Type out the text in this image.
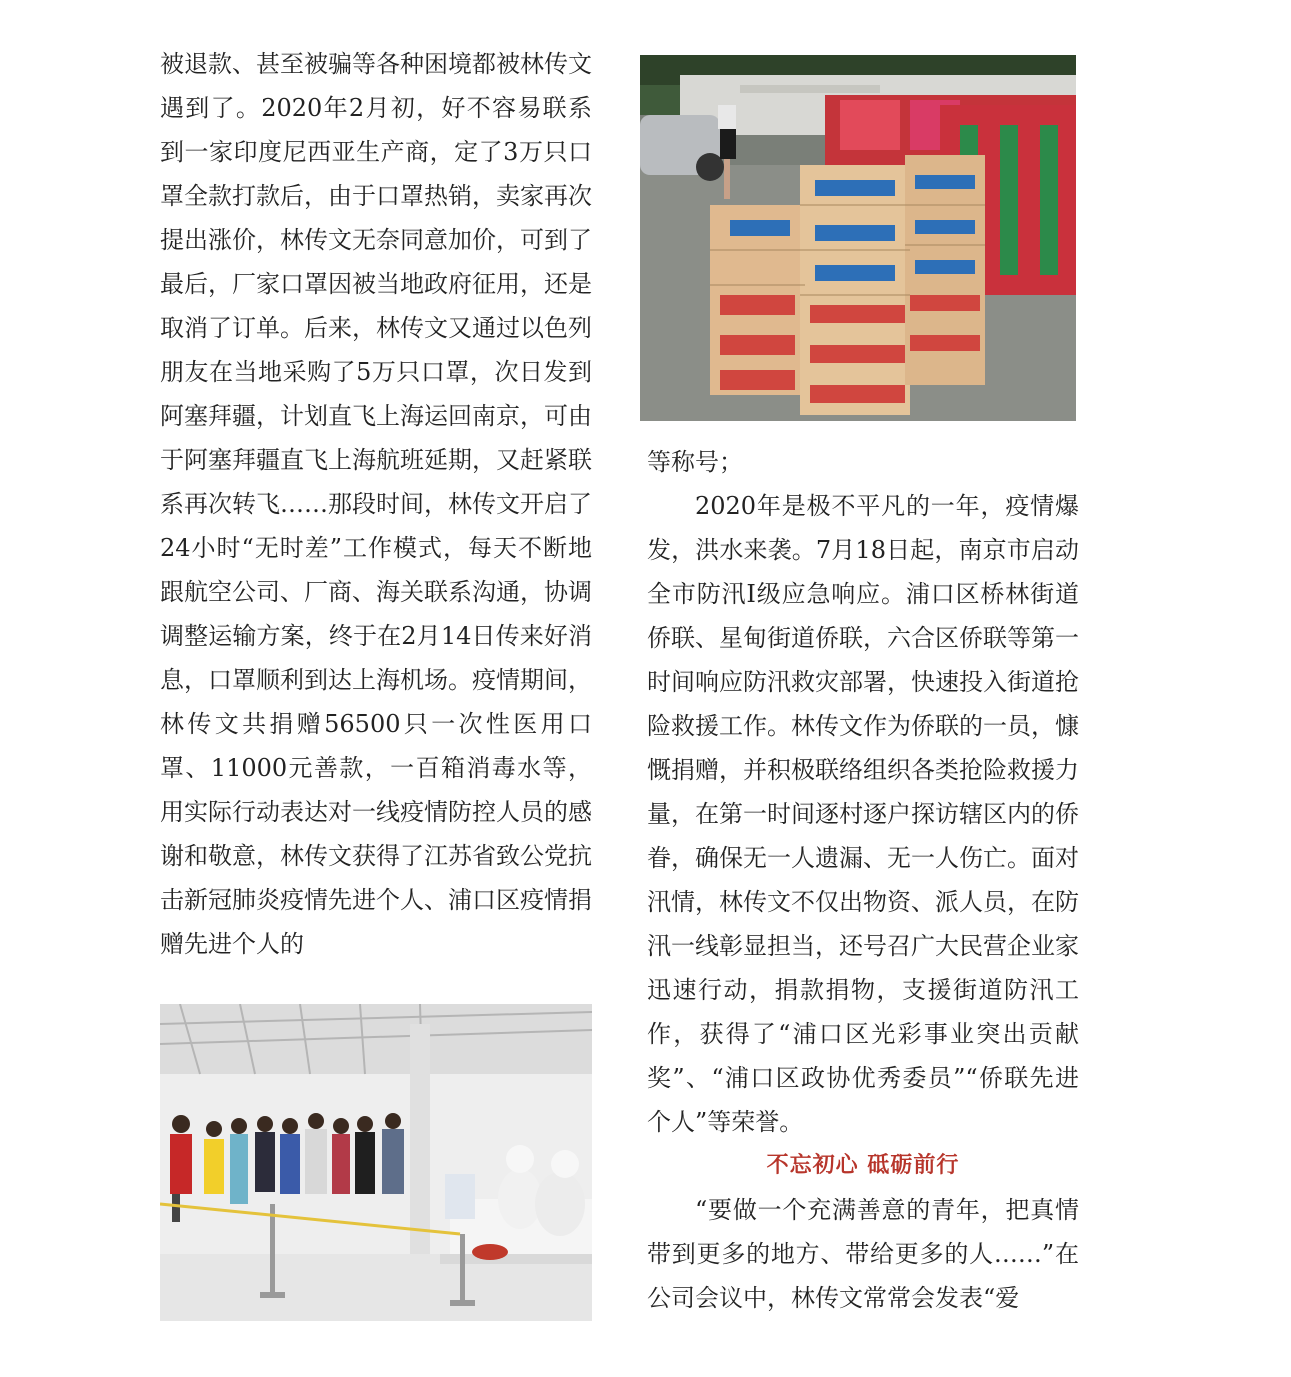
被退款、甚至被骗等各种困境都被林传文遇到了。2020年2月初，好不容易联系到一家印度尼西亚生产商，定了3万只口罩全款打款后，由于口罩热销，卖家再次提出涨价，林传文无奈同意加价，可到了最后，厂家口罩因被当地政府征用，还是取消了订单。后来，林传文又通过以色列朋友在当地采购了5万只口罩，次日发到阿塞拜疆，计划直飞上海运回南京，可由于阿塞拜疆直飞上海航班延期，又赶紧联系再次转飞……那段时间，林传文开启了24小时“无时差”工作模式，每天不断地跟航空公司、厂商、海关联系沟通，协调调整运输方案，终于在2月14日传来好消息，口罩顺利到达上海机场。疫情期间，林传文共捐赠56500只一次性医用口罩、11000元善款，一百箱消毒水等，用实际行动表达对一线疫情防控人员的感谢和敬意，林传文获得了江苏省致公党抗击新冠肺炎疫情先进个人、浦口区疫情捐赠先进个人的

等称号；

2020年是极不平凡的一年，疫情爆发，洪水来袭。7月18日起，南京市启动全市防汛Ⅰ级应急响应。浦口区桥林街道侨联、星甸街道侨联，六合区侨联等第一时间响应防汛救灾部署，快速投入街道抢险救援工作。林传文作为侨联的一员，慷慨捐赠，并积极联络组织各类抢险救援力量，在第一时间逐村逐户探访辖区内的侨眷，确保无一人遗漏、无一人伤亡。面对汛情，林传文不仅出物资、派人员，在防汛一线彰显担当，还号召广大民营企业家迅速行动，捐款捐物，支援街道防汛工作，获得了“浦口区光彩事业突出贡献奖”、“浦口区政协优秀委员”“侨联先进个人”等荣誉。

不忘初心 砥砺前行

“要做一个充满善意的青年，把真情带到更多的地方、带给更多的人……”在公司会议中，林传文常常会发表“爱
